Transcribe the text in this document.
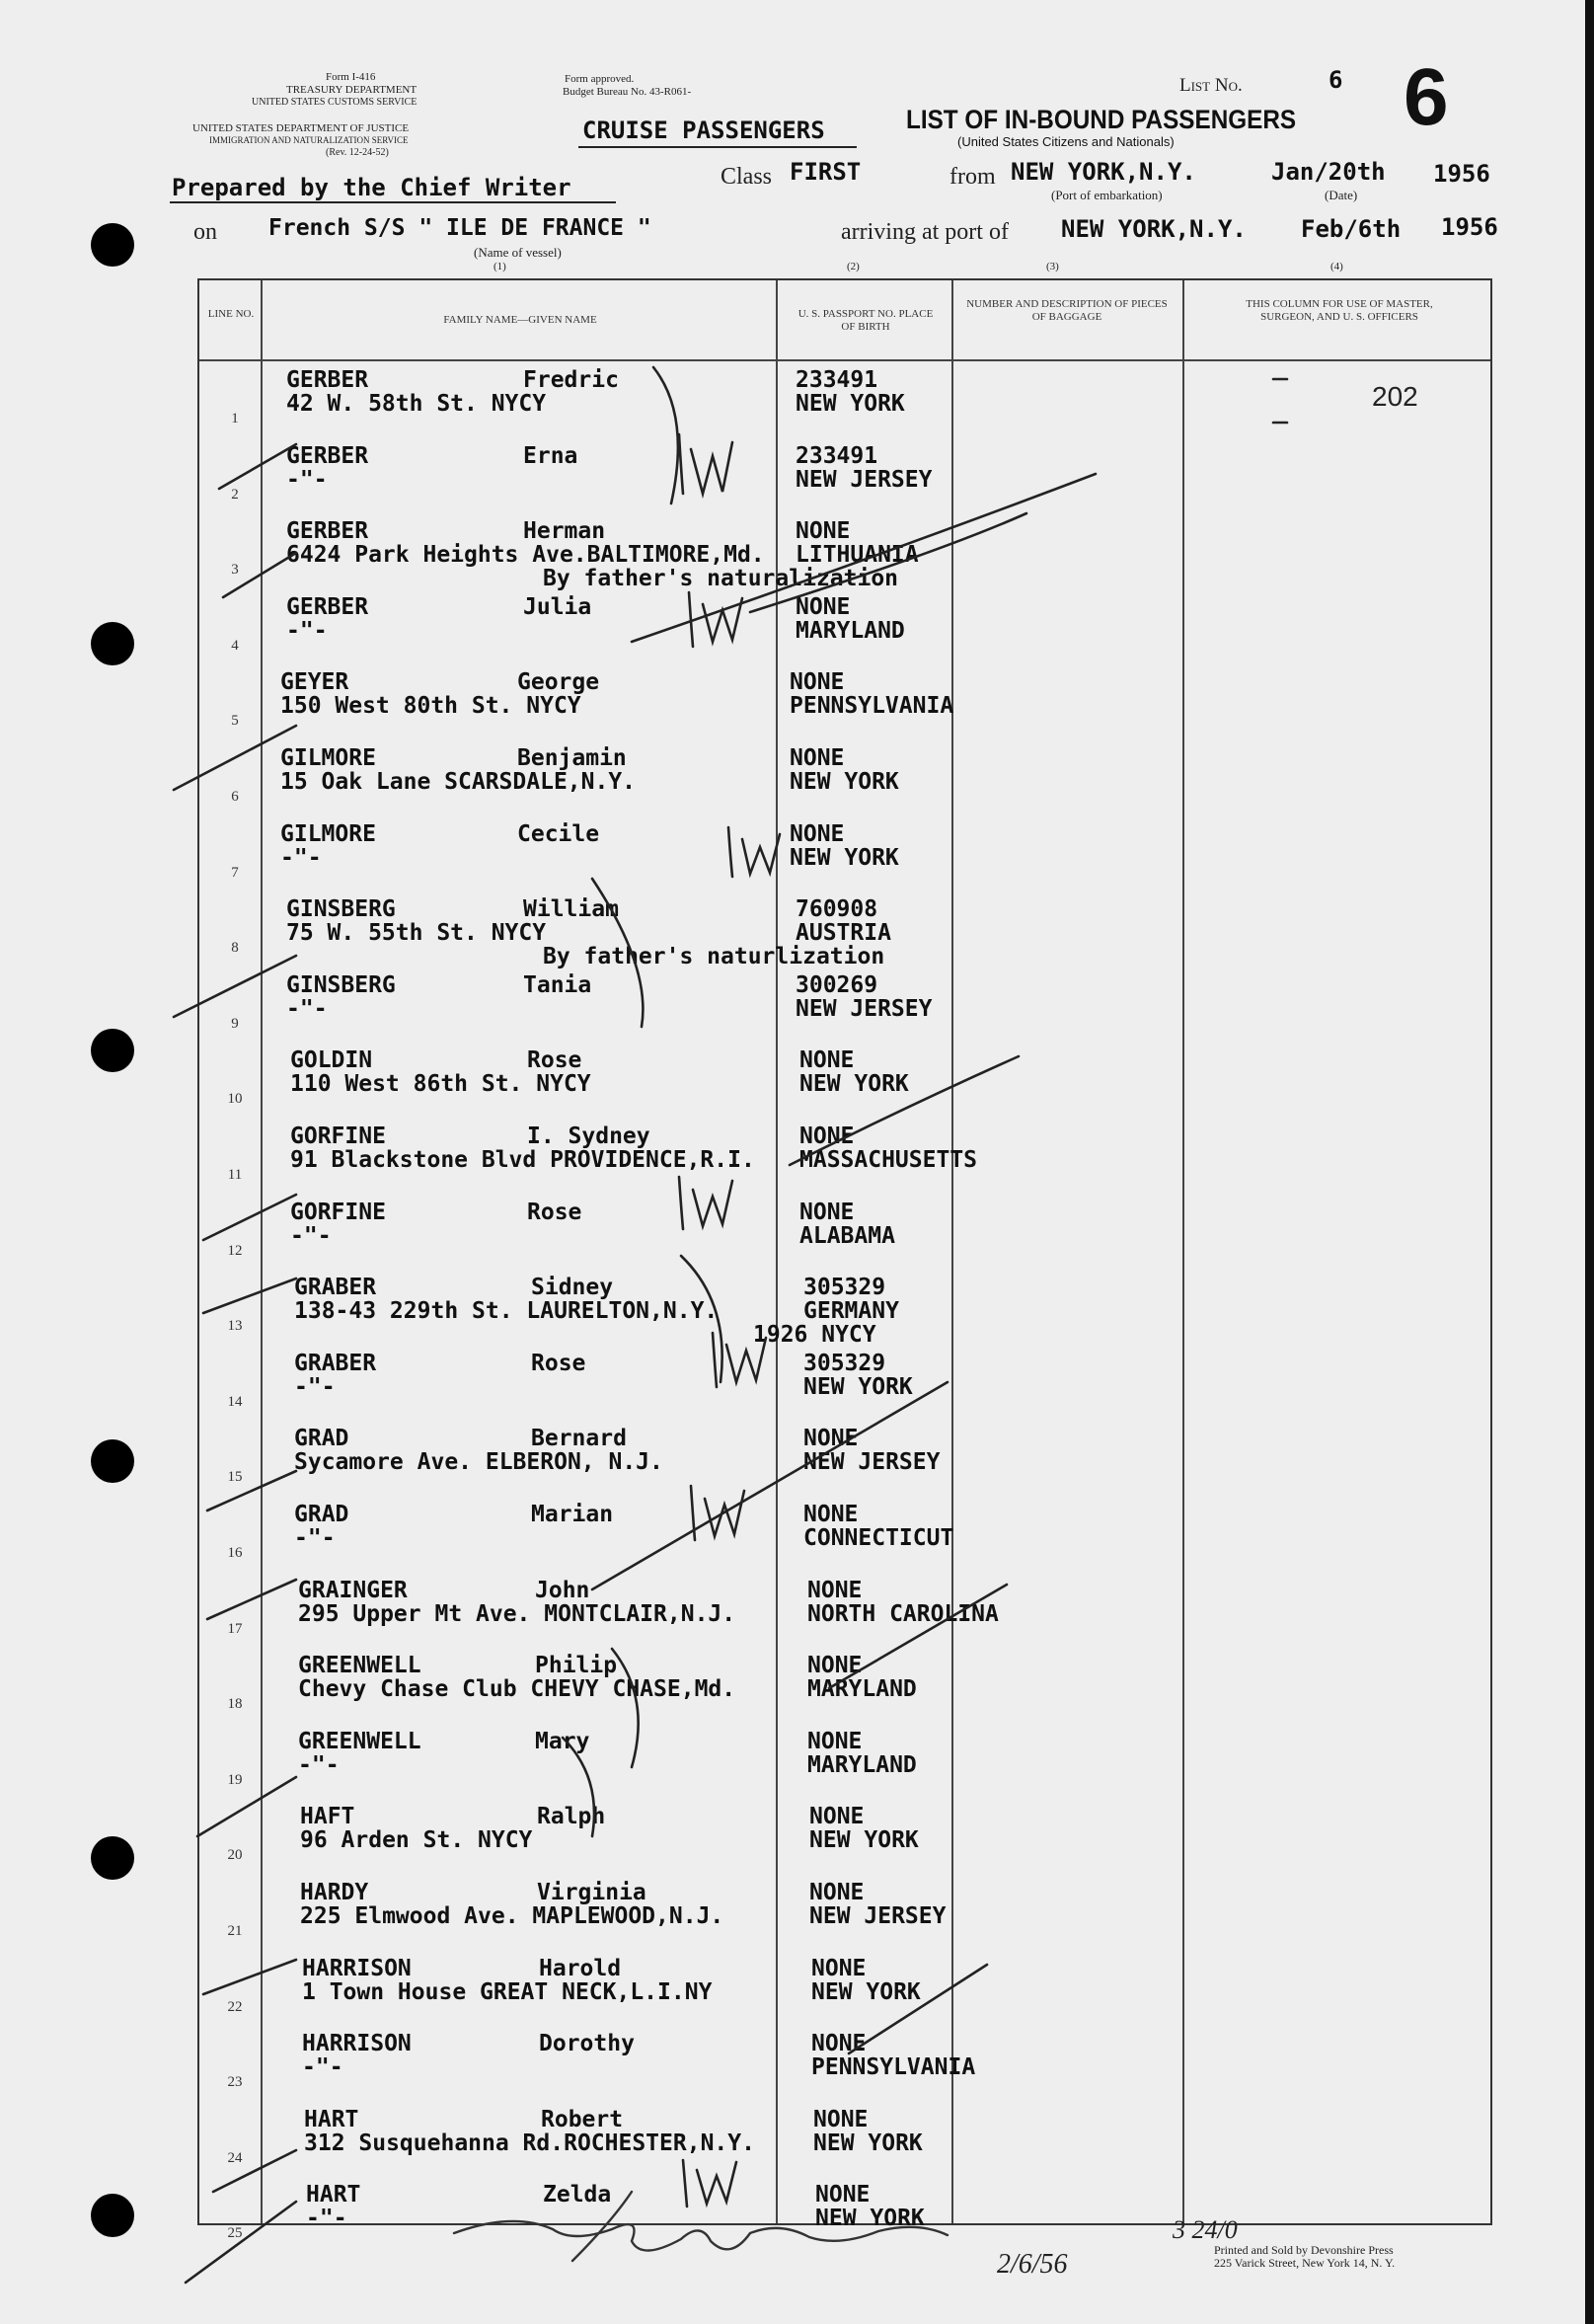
Form I-416
TREASURY DEPARTMENT
UNITED STATES CUSTOMS SERVICE
UNITED STATES DEPARTMENT OF JUSTICE
IMMIGRATION AND NATURALIZATION SERVICE
(Rev. 12-24-52)
Form approved.
Budget Bureau No. 43-R061-
CRUISE PASSENGERS	LIST OF IN-BOUND PASSENGERS
(United States Citizens and Nationals)
List No.	6 6
Prepared by the Chief Writer	Class FIRST	from NEW YORK,N.Y.
(Port of embarkation)
Jan/20th
(Date)
1956
on French S/S " ILE DE FRANCE "
(Name of vessel)
arriving at port of NEW YORK,N.Y. Feb/6th 1956
(1)	(2)	(3)	(4)
LINE NO.	FAMILY NAME—GIVEN NAME	U. S. PASSPORT NO. PLACE OF BIRTH
NUMBER AND DESCRIPTION OF PIECES OF BAGGAGE
THIS COLUMN FOR USE OF MASTER, SURGEON, AND U. S. OFFICERS
1
GERBER	Fredric
42 W. 58th St. NYCY
233491
NEW YORK	202
2
GERBER	Erna
-"-
233491
NEW JERSEY
3
GERBER	Herman
6424 Park Heights Ave.BALTIMORE,Md.
NONE
LITHUANIA
By father's naturalization
4
GERBER	Julia
-"-
NONE
MARYLAND
5
GEYER	George
150 West 80th St. NYCY
NONE
PENNSYLVANIA
6
GILMORE	Benjamin
15 Oak Lane SCARSDALE,N.Y.
NONE
NEW YORK
7
GILMORE	Cecile
-"-
NONE
NEW YORK
8
GINSBERG	William
75 W. 55th St. NYCY
760908
AUSTRIA
By father's naturlization
9
GINSBERG	Tania
-"-
300269
NEW JERSEY
10
GOLDIN	Rose
110 West 86th St. NYCY
NONE
NEW YORK
11
GORFINE	I. Sydney
91 Blackstone Blvd PROVIDENCE,R.I.
NONE
MASSACHUSETTS
12
GORFINE	Rose
-"-
NONE
ALABAMA
13
GRABER	Sidney
138-43 229th St. LAURELTON,N.Y.
305329
GERMANY
1926 NYCY
14
GRABER	Rose
-"-
305329
NEW YORK
15
GRAD	Bernard
Sycamore Ave. ELBERON, N.J.
NONE
NEW JERSEY
16
GRAD	Marian
-"-
NONE
CONNECTICUT
17
GRAINGER	John
295 Upper Mt Ave. MONTCLAIR,N.J.
NONE
NORTH CAROLINA
18
GREENWELL	Philip
Chevy Chase Club CHEVY CHASE,Md.
NONE
MARYLAND
19
GREENWELL	Mary
-"-
NONE
MARYLAND
20
HAFT	Ralph
96 Arden St. NYCY
NONE
NEW YORK
21
HARDY	Virginia
225 Elmwood Ave. MAPLEWOOD,N.J.
NONE
NEW JERSEY
22
HARRISON	Harold
1 Town House GREAT NECK,L.I.NY
NONE
NEW YORK
23
HARRISON	Dorothy
-"-
NONE
PENNSYLVANIA
24
HART	Robert
312 Susquehanna Rd.ROCHESTER,N.Y.
NONE
NEW YORK
25
HART	Zelda
-"-
NONE
NEW YORK
2/6/56
3 24/0
Printed and Sold by Devonshire Press
225 Varick Street, New York 14, N. Y.
